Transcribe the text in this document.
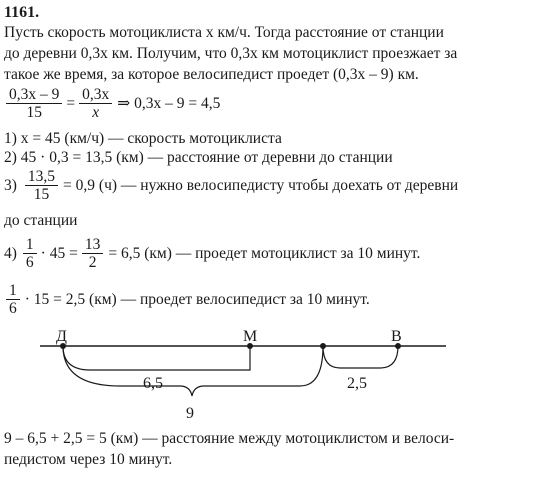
1161.
Пусть скорость мотоциклиста x км/ч. Тогда расстояние от станции
до деревни 0,3x км. Получим, что 0,3x км мотоциклист проезжает за
такое же время, за которое велосипедист проедет (0,3x – 9) км.
$\frac{0,3x - 9}{15} = \frac{0,3x}{x}$ ⇒ 0,3x – 9 = 4,5
1) x = 45 (км/ч) — скорость мотоциклиста
2) 45 · 0,3 = 13,5 (км) — расстояние от деревни до станции
$3) \frac{13,5}{15} = 0,9$ (ч) — нужно велосипедисту чтобы доехать от деревни
до станции
$4) \frac{1}{6} \cdot 45 = \frac{13}{2} = 6,5$ (км) — проедет мотоциклист за 10 минут.
$\frac{1}{6} \cdot 15 = 2,5$ (км) — проедет велосипедист за 10 минут.
Д	М	В
6,5	2,5
9
9 – 6,5 + 2,5 = 5 (км) — расстояние между мотоциклистом и велоси-
педистом через 10 минут.
